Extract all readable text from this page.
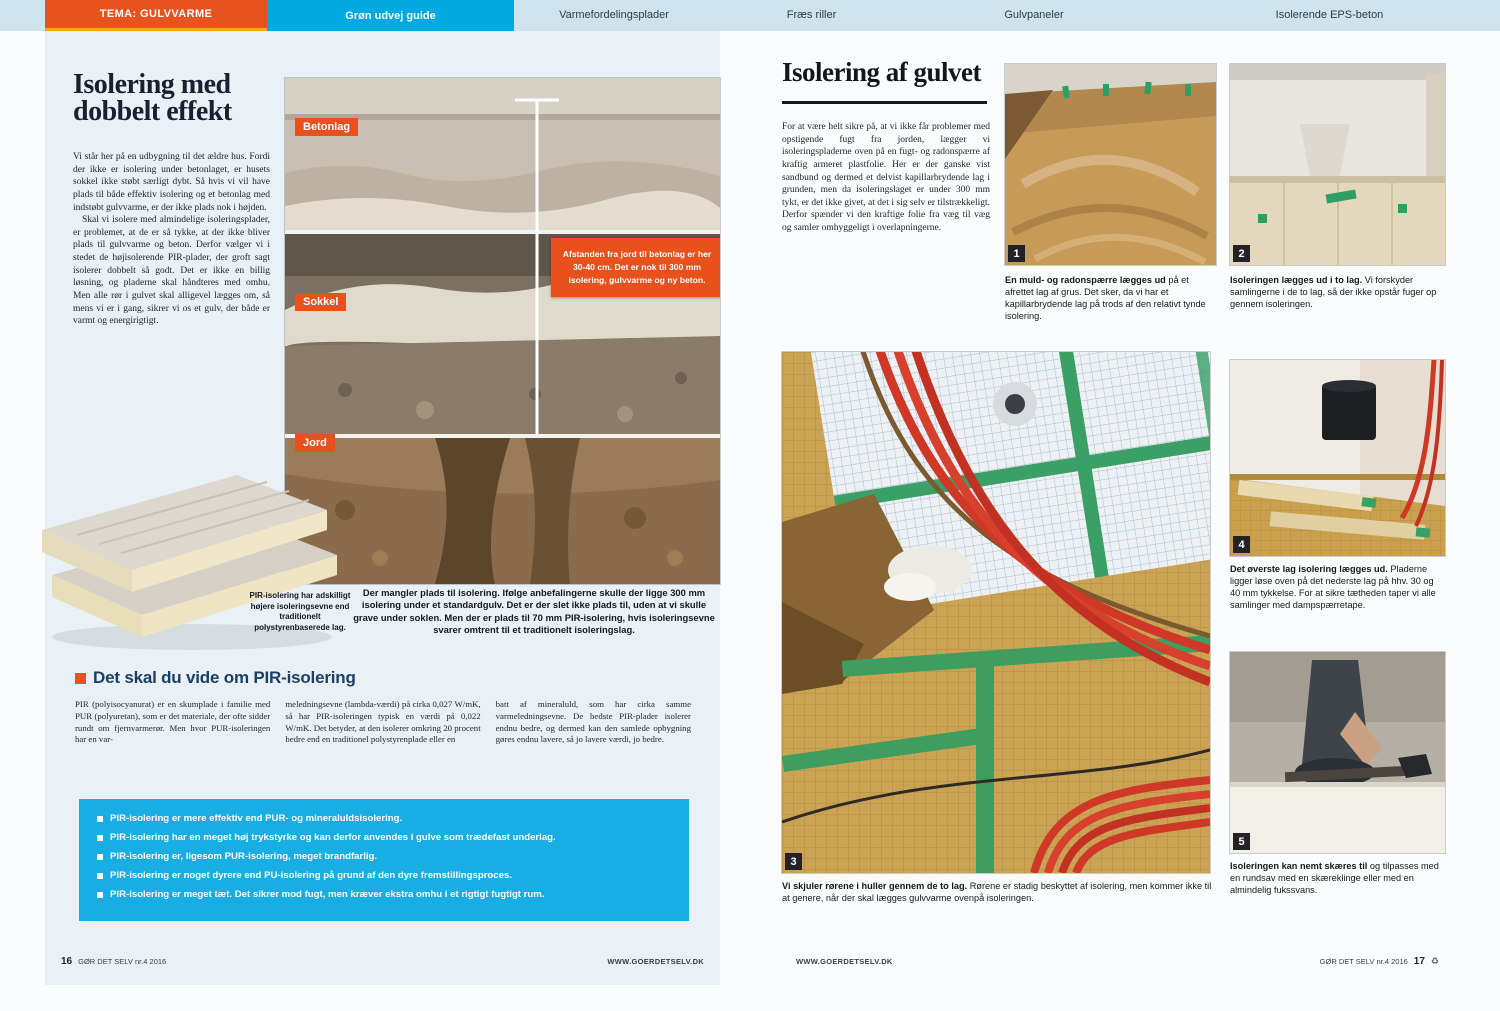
TEMA: GULVVARME	Grøn udvej guide	Varmefordelingsplader	Fræs riller	Gulvpaneler	Isolerende EPS-beton
Isolering med dobbelt effekt

Vi står her på en udbygning til det ældre hus. Fordi der ikke er isolering under betonlaget, er husets sokkel ikke støbt særligt dybt. Så hvis vi vil have plads til både effektiv isolering og et betonlag med indstøbt gulvvarme, er der ikke plads nok i højden.

Skal vi isolere med almindelige isoleringsplader, er problemet, at de er så tykke, at der ikke bliver plads til gulvvarme og beton. Derfor vælger vi i stedet de højisolerende PIR-plader, der groft sagt isolerer dobbelt så godt. Det er ikke en billig løsning, og pladerne skal håndteres med omhu. Men alle rør i gulvet skal alligevel lægges om, så mens vi er i gang, sikrer vi os et gulv, der både er varmt og energirigtigt.

Betonlag
Sokkel
Jord
Afstanden fra jord til betonlag er her 30-40 cm. Det er nok til 300 mm isolering, gulvvarme og ny beton.
PIR-isolering har adskilligt højere isoleringsevne end traditionelt polystyrenbaserede lag.
Der mangler plads til isolering. Ifølge anbefalingerne skulle der ligge 300 mm isolering under et standardgulv. Det er der slet ikke plads til, uden at vi skulle grave under soklen. Men der er plads til 70 mm PIR-isolering, hvis isoleringsevne svarer omtrent til et traditionelt isoleringslag.
Det skal du vide om PIR-isolering
PIR (polyisocyanurat) er en skumplade i familie med PUR (polyuretan), som er det materiale, der ofte sidder rundt om fjernvarmerør. Men hvor PUR-isoleringen har en var-
meledningsevne (lambda-værdi) på cirka 0,027 W/mK, så har PIR-isoleringen typisk en værdi på 0,022 W/mK. Det betyder, at den isolerer omkring 20 procent bedre end en traditionel polystyrenplade eller en
batt af mineraluld, som har cirka samme varmeledningsevne. De bedste PIR-plader isolerer endnu bedre, og dermed kan den samlede opbygning gøres endnu lavere, så jo lavere værdi, jo bedre.
PIR-isolering er mere effektiv end PUR- og mineraluldsisolering.
PIR-isolering har en meget høj trykstyrke og kan derfor anvendes i gulve som trædefast underlag.
PIR-isolering er, ligesom PUR-isolering, meget brandfarlig.
PIR-isolering er noget dyrere end PU-isolering på grund af den dyre fremstillingsproces.
PIR-isolering er meget tæt. Det sikrer mod fugt, men kræver ekstra omhu i et rigtigt fugtigt rum.
16 GØR DET SELV nr.4 2016	WWW.GOERDETSELV.DK
Isolering af gulvet

For at være helt sikre på, at vi ikke får problemer med opstigende fugt fra jorden, lægger vi isoleringspladerne oven på en fugt- og radonspærre af kraftig armeret plastfolie. Her er der ganske vist sandbund og dermed et delvist kapillarbrydende lag i grunden, men da isoleringslaget er under 300 mm tykt, er det ikke givet, at det i sig selv er tilstrækkeligt. Derfor spænder vi den kraftige folie fra væg til væg og samler omhyggeligt i overlapningerne.

1
En muld- og radonspærre lægges ud på et afrettet lag af grus. Det sker, da vi har et kapillarbrydende lag på trods af den relativt tynde isolering.
2
Isoleringen lægges ud i to lag. Vi forskyder samlingerne i de to lag, så der ikke opstår fuger op gennem isoleringen.
3
Vi skjuler rørene i huller gennem de to lag. Rørene er stadig beskyttet af isolering, men kommer ikke til at genere, når der skal lægges gulvvarme ovenpå isoleringen.
4
Det øverste lag isolering lægges ud. Pladerne ligger løse oven på det nederste lag på hhv. 30 og 40 mm tykkelse. For at sikre tætheden taper vi alle samlinger med dampspærretape.
5
Isoleringen kan nemt skæres til og tilpasses med en rundsav med en skæreklinge eller med en almindelig fukssvans.
WWW.GOERDETSELV.DK	GØR DET SELV nr.4 2016 17 ♻
